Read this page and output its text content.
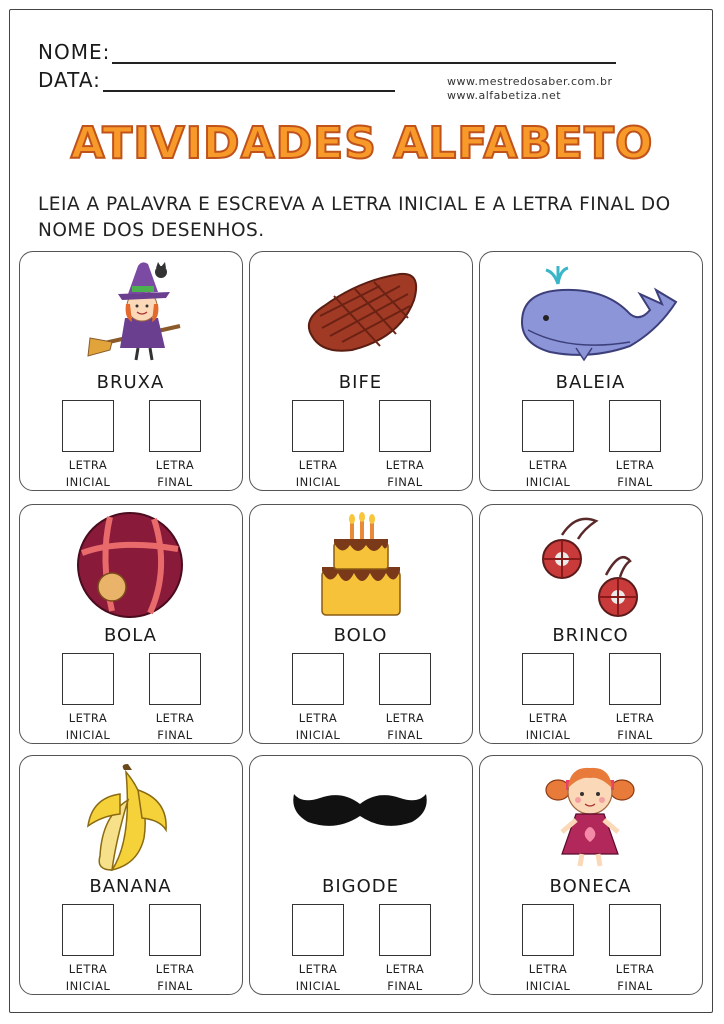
NOME:
DATA:	www.mestredosaber.com.br
www.alfabetiza.net
ATIVIDADES ALFABETO
LEIA A PALAVRA E ESCREVA A LETRA INICIAL E A LETRA FINAL DO NOME DOS DESENHOS.
BRUXA
LETRA
INICIAL
LETRA
FINAL
BIFE
LETRA
INICIAL
LETRA
FINAL
BALEIA
LETRA
INICIAL
LETRA
FINAL
BOLA
LETRA
INICIAL
LETRA
FINAL
BOLO
LETRA
INICIAL
LETRA
FINAL
BRINCO
LETRA
INICIAL
LETRA
FINAL
BANANA
LETRA
INICIAL
LETRA
FINAL
BIGODE
LETRA
INICIAL
LETRA
FINAL
BONECA
LETRA
INICIAL
LETRA
FINAL
